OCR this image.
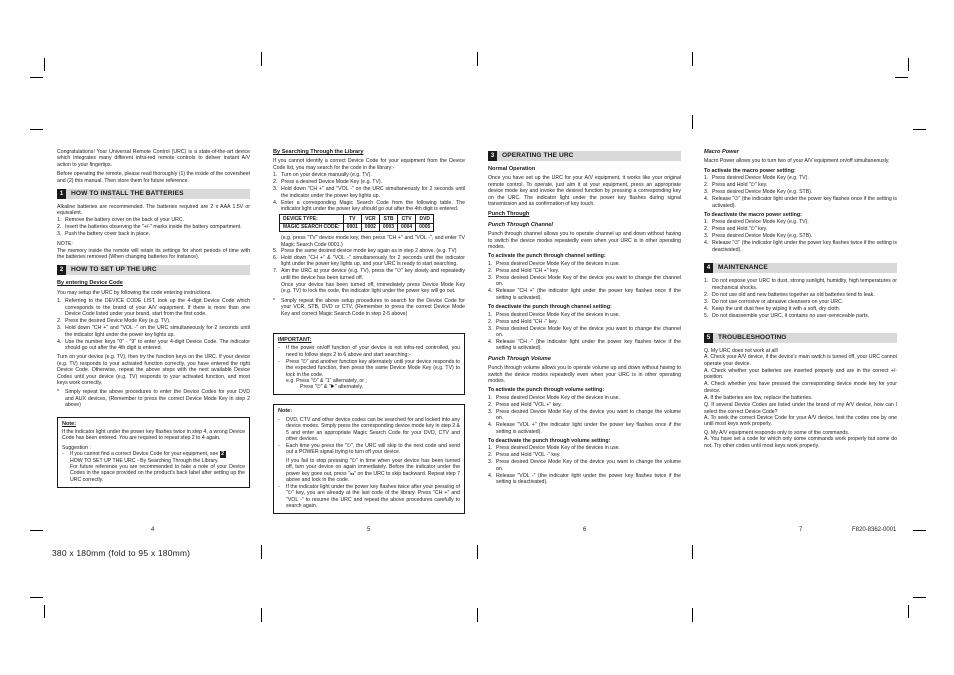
Congratulations! Your Universal Remote Control (URC) is a state-of-the-art device which integrates many different infra-red remote controls to deliver instant A/V action to your fingertips.

Before operating the remote, please read thoroughly (1) the inside of the coversheet and (2) this manual. Then store them for future reference.

1	HOW TO INSTALL THE BATTERIES

Alkaline batteries are recommended. The batteries required are 2 x AAA 1.5V or equivalent.

1. Remove the battery cover on the back of your URC.
2. Insert the batteries observing the "+/-" marks inside the battery compartment.
3. Push the battery cover back in place.

NOTE:

The memory inside the remote will retain its settings for short periods of time with the batteries removed (When changing batteries for instance).

2	HOW TO SET UP THE URC
By entering Device Code

You may setup the URC by following the code entering instructions.

1. Referring to the DEVICE CODE LIST, look up the 4-digit Device Code which corresponds to the brand of your A/V equipment. If there is more than one Device Code listed under your brand, start from the first code.
2. Press the desired Device Mode Key (e.g. TV).
3. Hold down "CH +" and "VOL -" on the URC simultaneously for 2 seconds until the indicator light under the power key lights up.
4. Use the number keys "0" - "9" to enter your 4-digit Device Code. The indicator should go out after the 4th digit is entered.

Turn on your device (e.g. TV), then try the function keys on the URC. If your device (e.g. TV) responds to your activated function correctly, you have entered the right Device Code. Otherwise, repeat the above steps with the next available Device Codes until your device (e.g. TV) responds to your activated function, and most keys work correctly.

* Simply repeat the above procedures to enter the Device Codes for your DVD and AUX devices, (Remember to press the correct Device Mode Key in step 2 above)
Note:

If the indicator light under the power key flashes twice in step 4, a wrong Device Code has been entered. You are required to repeat step 2 to 4 again.

Suggestion :

- If you cannot find a correct Device Code for your equipment, see 2
HOW TO SET UP THE URC - By Searching Through the Library.
For future reference you are recommended to take a note of your Device Codes in the space provided on the product's back label after setting up the URC correctly.
4
By Searching Through the Library

If you cannot identify a correct Device Code for your equipment from the Device Code list, you may search for the code in the library:-

1. Turn on your device manually (e.g. TV).
2. Press a desired Device Mode Key (e.g. TV).
3. Hold down "CH +" and "VOL -" on the URC simultaneously for 2 seconds until the indicator under the power key lights up.
4. Enter a corresponding Magic Search Code from the following table. The indicator light under the power key should go out after the 4th digit is entered.
DEVICE TYPE:	TV	VCR	STB	CTV	DVD
MAGIC SEARCH CODE:	0001	0002	0003	0004	0005

(e.g. press "TV" device mode key, then press "CH +" and "VOL -", and enter TV Magic Search Code 0001.)

5. Press the same desired device mode key again as in step 2 above. (e.g. TV)
6. Hold down "CH +" & "VOL -" simultaneously for 2 seconds until the indicator light under the power key lights up, and your URC is ready to start searching.
7. Aim the URC at your device (e.g. TV), press the "⏻" key slowly and repeatedly until the device has been turned off.

Once your device has been turned off, immediately press Device Mode Key (e.g. TV) to lock the code, the indicator light under the power key will go out.

* Simply repeat the above setup procedures to search for the Device Code for your VCR, STB, DVD or CTV, (Remember to press the correct Device Mode Key and correct Magic Search Code in step 2-5 above)
IMPORTANT:
- If the power on/off function of your device is not infra-red controlled, you need to follow steps 2 to 6 above and start searching:-
- Press "⏻" and another function key alternately until your device responds to the expected function, then press the same Device Mode Key (e.g. TV) to lock in the code.
e.g. Press "⏻" & "1" alternately, or ;
Press "⏻" & "▶" alternately.
Note:
- DVD, CTV and other device codes can be searched for and locked into any device modes. Simply press the corresponding device mode key in step 2 & 5 and enter an appropriate Magic Search Code for your DVD, CTV and other devices.
- Each time you press the "⏻", the URC will skip to the next code and send out a POWER signal trying to turn off your device.
If you fail to stop pressing "⏻" in time when your device has been turned off, turn your device on again immediately. Before the indicator under the power key goes out, press "⏮" on the URC to skip backward. Repeat step 7 above and lock in the code.
- If the indicator light under the power key flashes twice after your pressing of "⏻" key, you are already at the last code of the library. Press "CH +" and "VOL -" to resume the URC and repeat the above procedures carefully to search again.
5
3	OPERATING THE URC
Normal Operation

Once you have set up the URC for your A/V equipment, it works like your original remote control. To operate, just aim it at your equipment, press an appropriate device mode key and invoke the desired function by pressing a corresponding key on the URC. The indicator light under the power key flashes during signal transmission and as confirmation of key touch.

Punch Through
Punch Through Channel

Punch through channel allows you to operate channel up and down without having to switch the device modes repeatedly even when your URC is in other operating modes.

To activate the punch through channel setting:
1. Press desired Device Mode Key of the devices in use.
2. Press and Hold "CH +" key.
3. Press desired Device Mode Key of the device you want to change the channel on.
4. Release "CH +" (the indicator light under the power key flashes once if the setting is activated).
To deactivate the punch through channel setting:
1. Press desired Device Mode Key of the devices in use.
2. Press and Hold "CH -" key.
3. Press desired Device Mode Key of the device you want to change the channel on.
4. Release "CH -" (the indicator light under the power key flashes twice if the setting is activated).
Punch Through Volume

Punch through volume allows you to operate volume up and down without having to switch the device modes repeatedly even when your URC is in other operating modes.

To activate the punch through volume setting:
1. Press desired Device Mode Key of the devices in use.
2. Press and Hold "VOL +" key.
3. Press desired Device Mode Key of the device you want to change the volume on.
4. Release "VOL +" (the indicator light under the power key flashes once if the setting is activated).
To deactivate the punch through volume setting:
1. Press desired Device Mode Key of the devices in use.
2. Press and Hold "VOL -" key.
3. Press desired Device Mode Key of the device you want to change the volume on.
4. Release "VOL -" (the indicator light under the power key flashes twice if the setting is deactivated).
6
Macro Power

Macro Power allows you to turn two of your A/V equipment on/off simultaneously.

To activate the macro power setting:
1. Press desired Device Mode Key (e.g. TV).
2. Press and Hold "⏻" key.
3. Press desired Device Mode Key (e.g. STB).
4. Release "⏻" (the indicator light under the power key flashes once if the setting is activated).
To deactivate the macro power setting:
1. Press desired Device Mode Key (e.g. TV).
2. Press and Hold "⏻" key.
3. Press desired Device Mode Key (e.g. STB).
4. Release "⏻" (the indicator light under the power key flashes twice if the setting is deactivated).
4	MAINTENANCE
1. Do not expose your URC to dust, strong sunlight, humidity, high temperatures or mechanical shocks.
2. Do not use old and new batteries together as old batteries tend to leak.
3. Do not use corrosive or abrasive cleansers on your URC.
4. Keep the unit dust free by wiping it with a soft, dry cloth.
5. Do not disassemble your URC, it contains no user-serviceable parts.
5	TROUBLESHOOTING

Q. My URC does not work at all!

A. Check your A/V device, if the device's main switch is turned off, your URC cannot operate your device.
A. Check whether your batteries are inserted properly and are in the correct +/- position.
A. Check whether you have pressed the corresponding device mode key for your device.
A. If the batteries are low, replace the batteries.

Q. If several Device Codes are listed under the brand of my A/V device, how can I select the correct Device Code?

A. To seek the correct Device Code for your A/V device, test the codes one by one until most keys work properly.

Q. My A/V equipment responds only to some of the commands.

A. You have set a code for which only some commands work properly but some do not. Try other codes until most keys work properly.

7	F820-8362-0001
380 x 180mm (fold to 95 x 180mm)
